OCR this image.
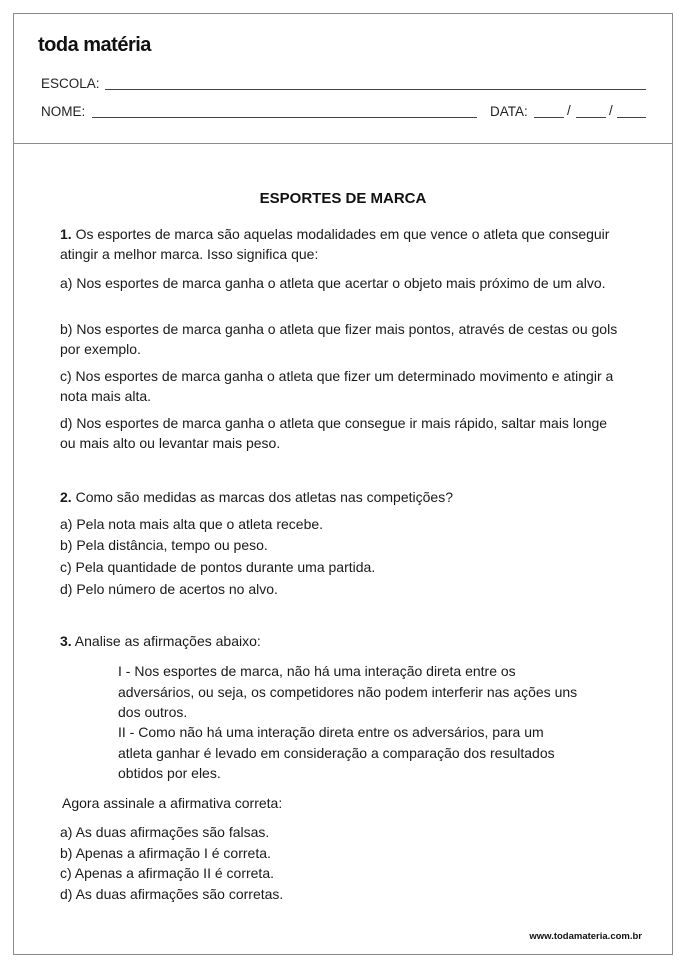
toda matéria
ESCOLA:
NOME:	DATA:	/	/
ESPORTES DE MARCA
1. Os esportes de marca são aquelas modalidades em que vence o atleta que conseguir atingir a melhor marca. Isso significa que:
a) Nos esportes de marca ganha o atleta que acertar o objeto mais próximo de um alvo.
b) Nos esportes de marca ganha o atleta que fizer mais pontos, através de cestas ou gols por exemplo.
c) Nos esportes de marca ganha o atleta que fizer um determinado movimento e atingir a nota mais alta.
d) Nos esportes de marca ganha o atleta que consegue ir mais rápido, saltar mais longe ou mais alto ou levantar mais peso.
2. Como são medidas as marcas dos atletas nas competições?
a) Pela nota mais alta que o atleta recebe.
b) Pela distância, tempo ou peso.
c) Pela quantidade de pontos durante uma partida.
d) Pelo número de acertos no alvo.
3. Analise as afirmações abaixo:
I - Nos esportes de marca, não há uma interação direta entre os adversários, ou seja, os competidores não podem interferir nas ações uns dos outros.
II - Como não há uma interação direta entre os adversários, para um atleta ganhar é levado em consideração a comparação dos resultados obtidos por eles.
Agora assinale a afirmativa correta:
a) As duas afirmações são falsas.
b) Apenas a afirmação I é correta.
c) Apenas a afirmação II é correta.
d) As duas afirmações são corretas.
www.todamateria.com.br
